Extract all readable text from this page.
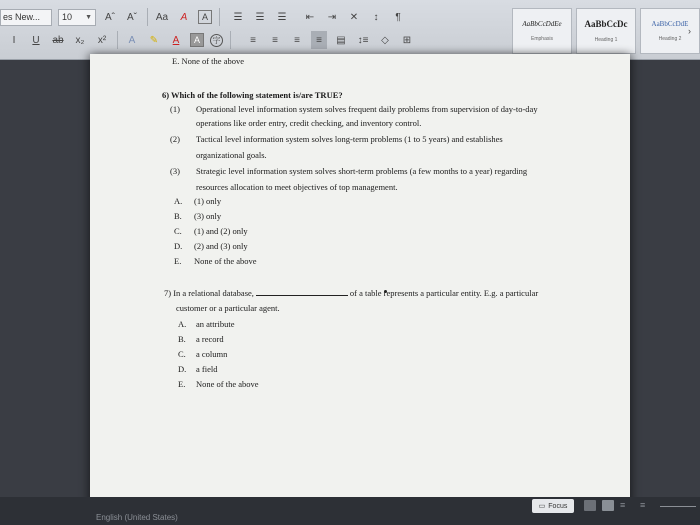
es New...	10 ▼	Aˆ	Aˇ	Aa	A	A	☰	☰	☰	⇤	⇥	✕	↕	¶
I	U	ab	x₂	x²	A	✎	A	A	字	≡	≡	≡	≡	▤	↕≡	◇	⊞
AaBbCcDdEe
Emphasis
AaBbCcDc
Heading 1
AaBbCcDdE
Heading 2
›
E. None of the above
6) Which of the following statement is/are TRUE?
(1) Operational level information system solves frequent daily problems from supervision of day-to-day
operations like order entry, credit checking, and inventory control.
(2) Tactical level information system solves long-term problems (1 to 5 years) and establishes
organizational goals.
(3) Strategic level information system solves short-term problems (a few months to a year) regarding
resources allocation to meet objectives of top management.
A. (1) only
B. (3) only
C. (1) and (2) only
D. (2) and (3) only
E. None of the above
7) In a relational database,	of a table represents a particular entity. E.g. a particular
customer or a particular agent.
A. an attribute
B. a record
C. a column
D. a field
E. None of the above
English (United States)
▭ Focus	≡	≡
